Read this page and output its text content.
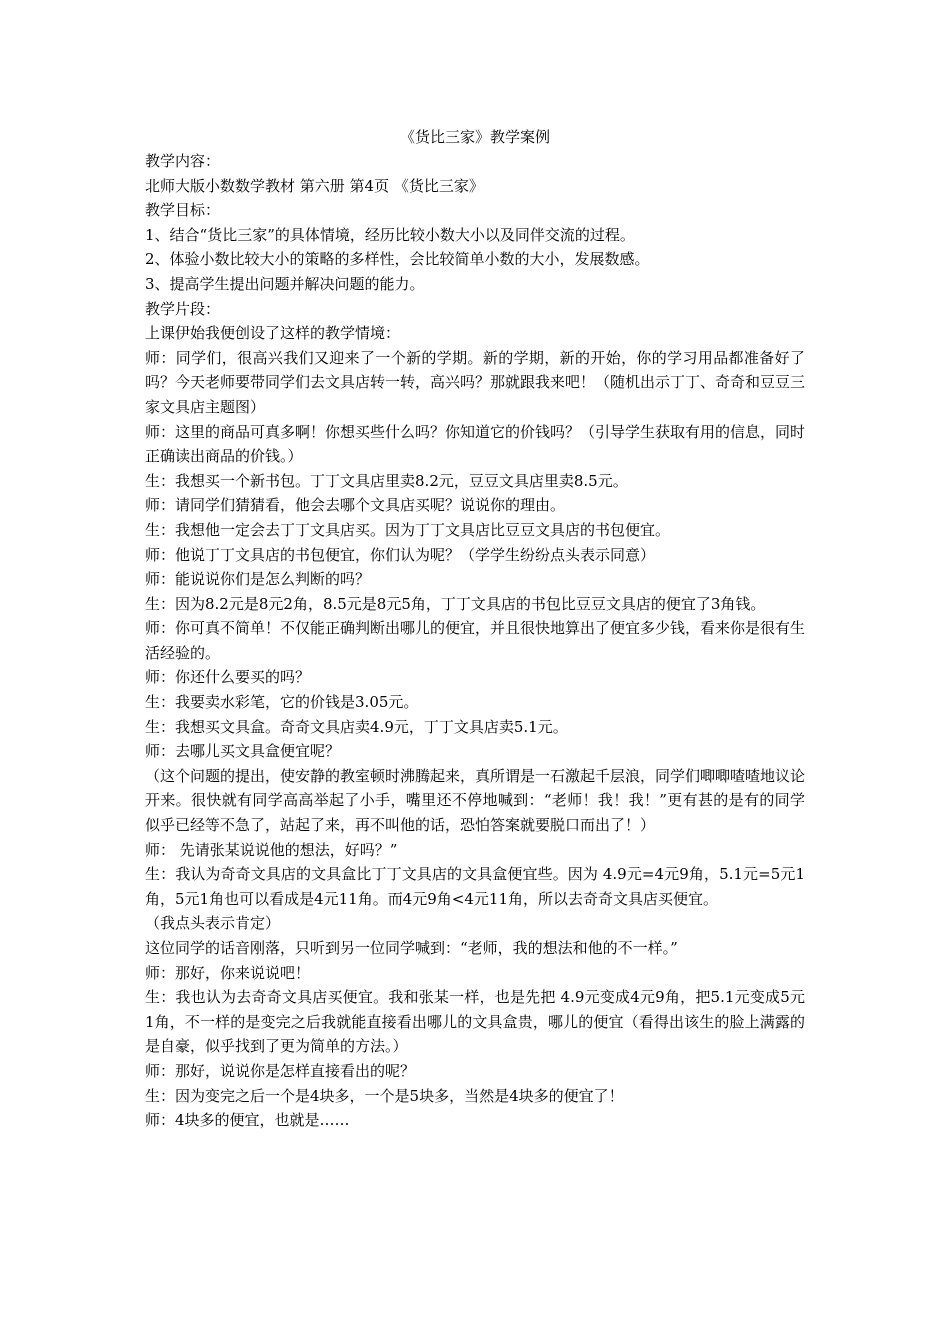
《货比三家》教学案例

教学内容：

北师大版小数数学教材 第六册 第4页 《货比三家》

教学目标：

1、结合“货比三家”的具体情境，经历比较小数大小以及同伴交流的过程。

2、体验小数比较大小的策略的多样性，会比较简单小数的大小，发展数感。

3、提高学生提出问题并解决问题的能力。

教学片段：

上课伊始我便创设了这样的教学情境：

师：同学们，很高兴我们又迎来了一个新的学期。新的学期，新的开始，你的学习用品都准备好了吗？今天老师要带同学们去文具店转一转，高兴吗？那就跟我来吧！（随机出示丁丁、奇奇和豆豆三家文具店主题图）

师：这里的商品可真多啊！你想买些什么吗？你知道它的价钱吗？（引导学生获取有用的信息，同时正确读出商品的价钱。）

生：我想买一个新书包。丁丁文具店里卖8.2元，豆豆文具店里卖8.5元。

师：请同学们猜猜看，他会去哪个文具店买呢？说说你的理由。

生：我想他一定会去丁丁文具店买。因为丁丁文具店比豆豆文具店的书包便宜。

师：他说丁丁文具店的书包便宜，你们认为呢？（学学生纷纷点头表示同意）

师：能说说你们是怎么判断的吗？

生：因为8.2元是8元2角，8.5元是8元5角，丁丁文具店的书包比豆豆文具店的便宜了3角钱。

师：你可真不简单！不仅能正确判断出哪儿的便宜，并且很快地算出了便宜多少钱，看来你是很有生活经验的。

师：你还什么要买的吗？

生：我要卖水彩笔，它的价钱是3.05元。

生：我想买文具盒。奇奇文具店卖4.9元，丁丁文具店卖5.1元。

师：去哪儿买文具盒便宜呢？

（这个问题的提出，使安静的教室顿时沸腾起来，真所谓是一石激起千层浪，同学们唧唧喳喳地议论开来。很快就有同学高高举起了小手，嘴里还不停地喊到：“老师！我！我！”更有甚的是有的同学似乎已经等不急了，站起了来，再不叫他的话，恐怕答案就要脱口而出了！）

师： 先请张某说说他的想法，好吗？”

生：我认为奇奇文具店的文具盒比丁丁文具店的文具盒便宜些。因为 4.9元=4元9角，5.1元=5元1角，5元1角也可以看成是4元11角。而4元9角<4元11角，所以去奇奇文具店买便宜。

（我点头表示肯定）

这位同学的话音刚落，只听到另一位同学喊到：“老师，我的想法和他的不一样。”

师：那好，你来说说吧！

生：我也认为去奇奇文具店买便宜。我和张某一样，也是先把 4.9元变成4元9角，把5.1元变成5元1角，不一样的是变完之后我就能直接看出哪儿的文具盒贵，哪儿的便宜（看得出该生的脸上满露的是自豪，似乎找到了更为简单的方法。）

师：那好，说说你是怎样直接看出的呢？

生：因为变完之后一个是4块多，一个是5块多，当然是4块多的便宜了！

师：4块多的便宜，也就是……
